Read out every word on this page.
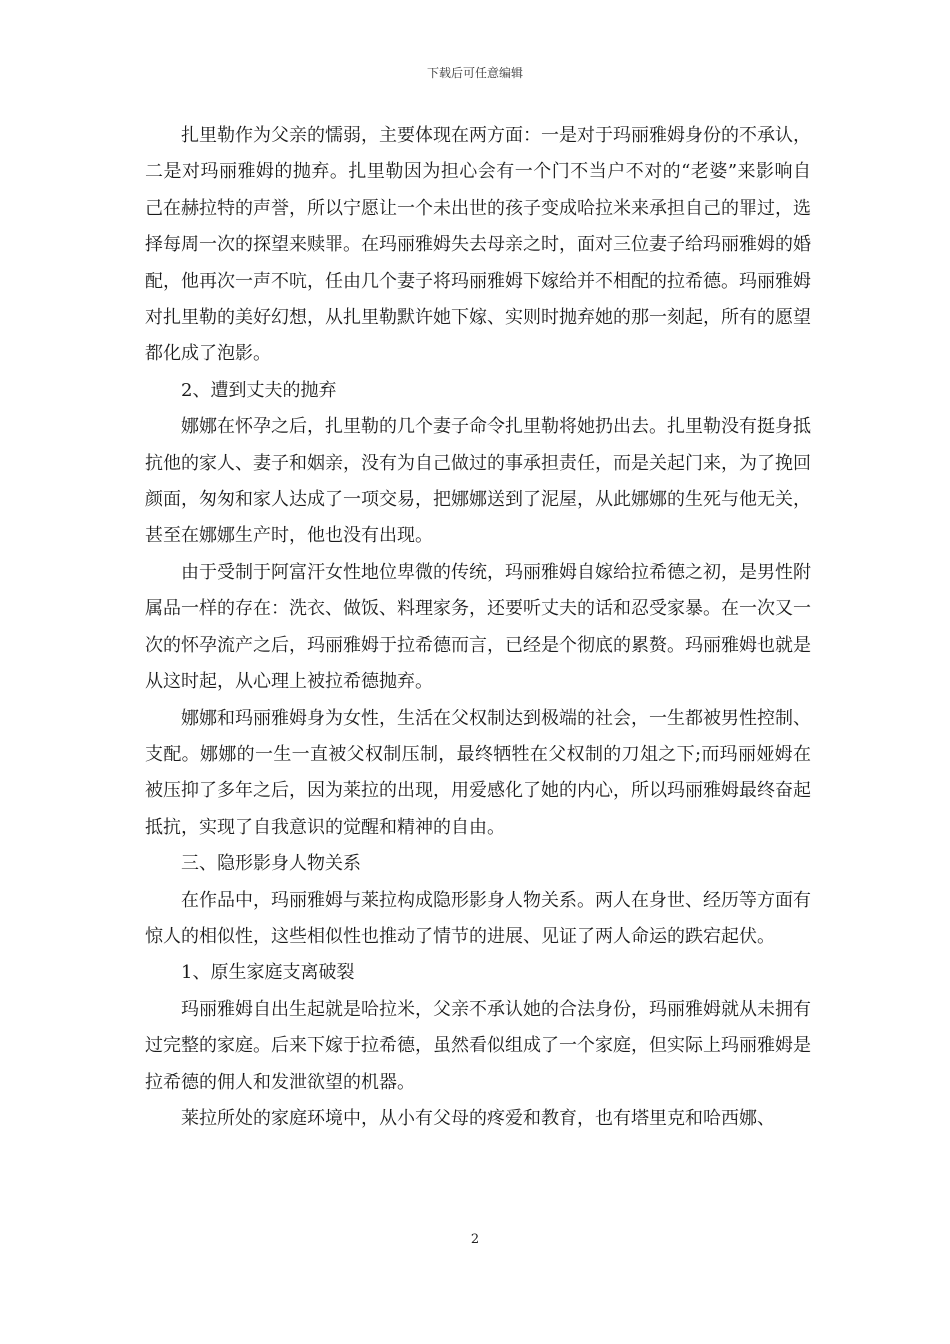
下载后可任意编辑

扎里勒作为父亲的懦弱，主要体现在两方面：一是对于玛丽雅姆身份的不承认，二是对玛丽雅姆的抛弃。扎里勒因为担心会有一个门不当户不对的“老婆”来影响自己在赫拉特的声誉，所以宁愿让一个未出世的孩子变成哈拉米来承担自己的罪过，选择每周一次的探望来赎罪。在玛丽雅姆失去母亲之时，面对三位妻子给玛丽雅姆的婚配，他再次一声不吭，任由几个妻子将玛丽雅姆下嫁给并不相配的拉希德。玛丽雅姆对扎里勒的美好幻想，从扎里勒默许她下嫁、实则时抛弃她的那一刻起，所有的愿望都化成了泡影。

2、遭到丈夫的抛弃

娜娜在怀孕之后，扎里勒的几个妻子命令扎里勒将她扔出去。扎里勒没有挺身抵抗他的家人、妻子和姻亲，没有为自己做过的事承担责任，而是关起门来，为了挽回颜面，匆匆和家人达成了一项交易，把娜娜送到了泥屋，从此娜娜的生死与他无关，甚至在娜娜生产时，他也没有出现。

由于受制于阿富汗女性地位卑微的传统，玛丽雅姆自嫁给拉希德之初，是男性附属品一样的存在：洗衣、做饭、料理家务，还要听丈夫的话和忍受家暴。在一次又一次的怀孕流产之后，玛丽雅姆于拉希德而言，已经是个彻底的累赘。玛丽雅姆也就是从这时起，从心理上被拉希德抛弃。

娜娜和玛丽雅姆身为女性，生活在父权制达到极端的社会，一生都被男性控制、支配。娜娜的一生一直被父权制压制，最终牺牲在父权制的刀俎之下;而玛丽娅姆在被压抑了多年之后，因为莱拉的出现，用爱感化了她的内心，所以玛丽雅姆最终奋起抵抗，实现了自我意识的觉醒和精神的自由。

三、隐形影身人物关系

在作品中，玛丽雅姆与莱拉构成隐形影身人物关系。两人在身世、经历等方面有惊人的相似性，这些相似性也推动了情节的进展、见证了两人命运的跌宕起伏。

1、原生家庭支离破裂

玛丽雅姆自出生起就是哈拉米，父亲不承认她的合法身份，玛丽雅姆就从未拥有过完整的家庭。后来下嫁于拉希德，虽然看似组成了一个家庭，但实际上玛丽雅姆是拉希德的佣人和发泄欲望的机器。

莱拉所处的家庭环境中，从小有父母的疼爱和教育，也有塔里克和哈西娜、

2
